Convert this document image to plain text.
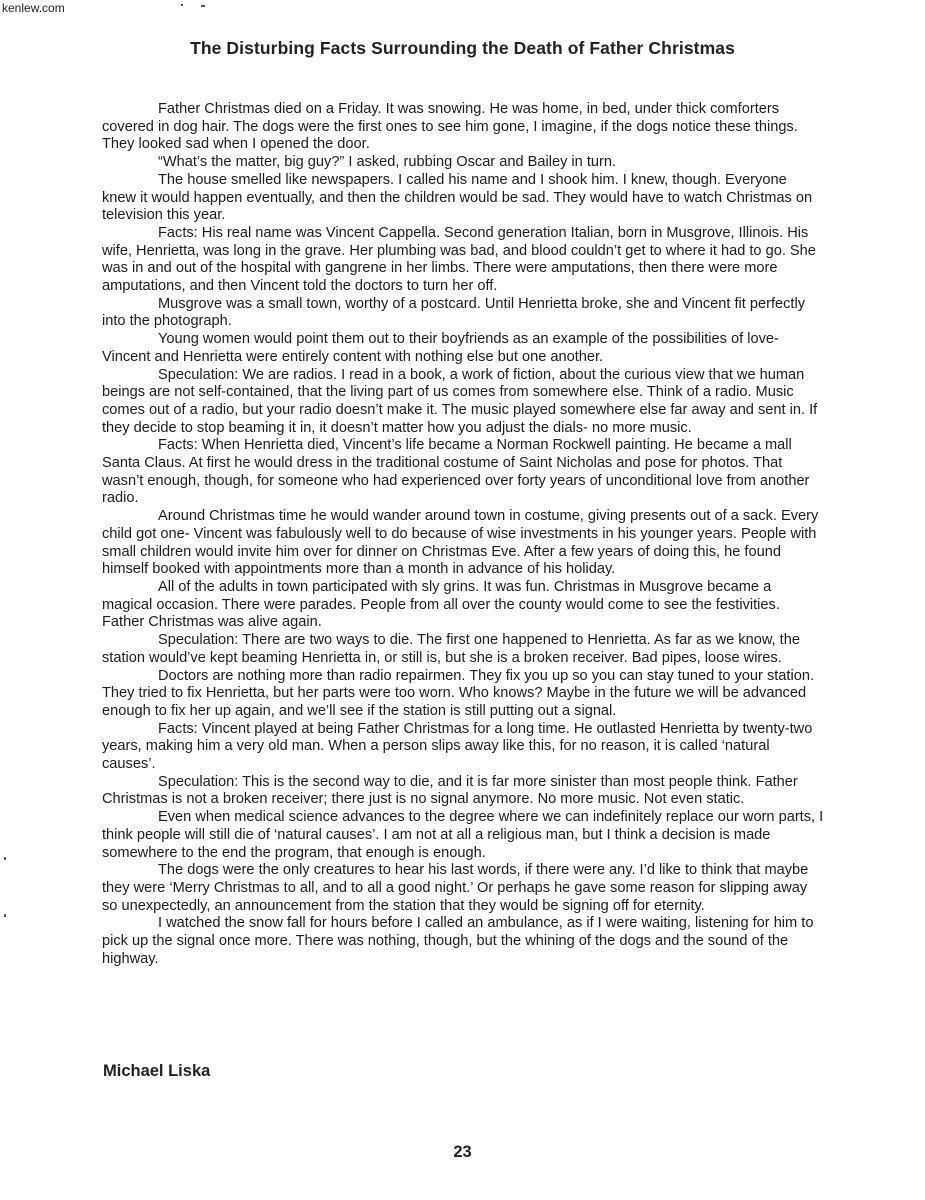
kenlew.com
The Disturbing Facts Surrounding the Death of Father Christmas

Father Christmas died on a Friday. It was snowing. He was home, in bed, under thick comforters covered in dog hair. The dogs were the first ones to see him gone, I imagine, if the dogs notice these things. They looked sad when I opened the door.

“What’s the matter, big guy?” I asked, rubbing Oscar and Bailey in turn.

The house smelled like newspapers. I called his name and I shook him. I knew, though. Everyone knew it would happen eventually, and then the children would be sad. They would have to watch Christmas on television this year.

Facts: His real name was Vincent Cappella. Second generation Italian, born in Musgrove, Illinois. His wife, Henrietta, was long in the grave. Her plumbing was bad, and blood couldn’t get to where it had to go. She was in and out of the hospital with gangrene in her limbs. There were amputations, then there were more amputations, and then Vincent told the doctors to turn her off.

Musgrove was a small town, worthy of a postcard. Until Henrietta broke, she and Vincent fit perfectly into the photograph.

Young women would point them out to their boyfriends as an example of the possibilities of love- Vincent and Henrietta were entirely content with nothing else but one another.

Speculation: We are radios. I read in a book, a work of fiction, about the curious view that we human beings are not self-contained, that the living part of us comes from somewhere else. Think of a radio. Music comes out of a radio, but your radio doesn’t make it. The music played somewhere else far away and sent in. If they decide to stop beaming it in, it doesn’t matter how you adjust the dials- no more music.

Facts: When Henrietta died, Vincent’s life became a Norman Rockwell painting. He became a mall Santa Claus. At first he would dress in the traditional costume of Saint Nicholas and pose for photos. That wasn’t enough, though, for someone who had experienced over forty years of unconditional love from another radio.

Around Christmas time he would wander around town in costume, giving presents out of a sack. Every child got one- Vincent was fabulously well to do because of wise investments in his younger years. People with small children would invite him over for dinner on Christmas Eve. After a few years of doing this, he found himself booked with appointments more than a month in advance of his holiday.

All of the adults in town participated with sly grins. It was fun. Christmas in Musgrove became a magical occasion. There were parades. People from all over the county would come to see the festivities. Father Christmas was alive again.

Speculation: There are two ways to die. The first one happened to Henrietta. As far as we know, the station would’ve kept beaming Henrietta in, or still is, but she is a broken receiver. Bad pipes, loose wires.

Doctors are nothing more than radio repairmen. They fix you up so you can stay tuned to your station. They tried to fix Henrietta, but her parts were too worn. Who knows? Maybe in the future we will be advanced enough to fix her up again, and we’ll see if the station is still putting out a signal.

Facts: Vincent played at being Father Christmas for a long time. He outlasted Henrietta by twenty-two years, making him a very old man. When a person slips away like this, for no reason, it is called ‘natural causes’.

Speculation: This is the second way to die, and it is far more sinister than most people think. Father Christmas is not a broken receiver; there just is no signal anymore. No more music. Not even static.

Even when medical science advances to the degree where we can indefinitely replace our worn parts, I think people will still die of ‘natural causes’. I am not at all a religious man, but I think a decision is made somewhere to the end the program, that enough is enough.

The dogs were the only creatures to hear his last words, if there were any. I’d like to think that maybe they were ‘Merry Christmas to all, and to all a good night.’ Or perhaps he gave some reason for slipping away so unexpectedly, an announcement from the station that they would be signing off for eternity.

I watched the snow fall for hours before I called an ambulance, as if I were waiting, listening for him to pick up the signal once more. There was nothing, though, but the whining of the dogs and the sound of the highway.

Michael Liska
23
